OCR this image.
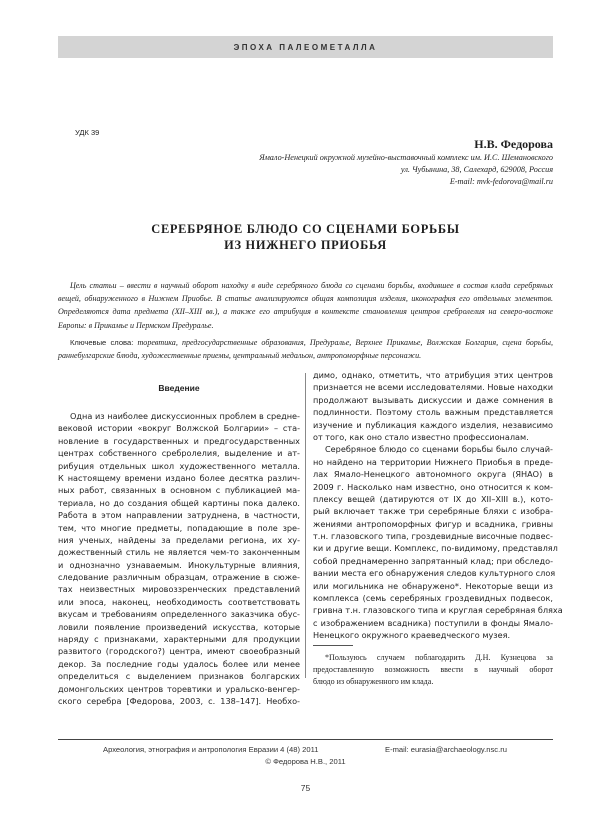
ЭПОХА ПАЛЕОМЕТАЛЛА
УДК 39
Н.В. Федорова
Ямало-Ненецкий окружной музейно-выставочный комплекс им. И.С. Шемановского
ул. Чубынина, 38, Салехард, 629008, Россия
E-mail: mvk-fedorova@mail.ru
СЕРЕБРЯНОЕ БЛЮДО СО СЦЕНАМИ БОРЬБЫ
ИЗ НИЖНЕГО ПРИОБЬЯ

Цель статьи – ввести в научный оборот находку в виде серебряного блюда со сценами борьбы, входившее в состав клада серебряных вещей, обнаруженного в Нижнем Приобье. В статье анализируются общая композиция изделия, иконография его отдельных элементов. Определяются дата предмета (XII–XIII вв.), а также его атрибуция в контексте становления центров сребролелия на северо-востоке Европы: в Прикамье и Пермском Предуралье.

Ключевые слова: торевтика, предгосударственные образования, Предуралье, Верхнее Прикамье, Волжская Болгария, сцена борьбы, раннебулгарские блюда, художественные приемы, центральный медальон, антропоморфные персонажи.
Введение
Одна из наиболее дискуссионных проблем в средне-
вековой истории «вокруг Волжской Болгарии» – ста-
новление в государственных и предгосударственных
центрах собственного сребролелия, выделение и ат-
рибуция отдельных школ художественного металла.
К настоящему времени издано более десятка различ-
ных работ, связанных в основном с публикацией ма-
териала, но до создания общей картины пока далеко.
Работа в этом направлении затруднена, в частности,
тем, что многие предметы, попадающие в поле зре-
ния ученых, найдены за пределами региона, их ху-
дожественный стиль не является чем-то законченным
и однозначно узнаваемым. Инокультурные влияния,
следование различным образцам, отражение в сюже-
тах неизвестных мировоззренческих представлений
или эпоса, наконец, необходимость соответствовать
вкусам и требованиям определенного заказчика обус-
ловили появление произведений искусства, которые
наряду с признаками, характерными для продукции
развитого (городского?) центра, имеют своеобразный
декор. За последние годы удалось более или менее
определиться с выделением признаков болгарских
домонгольских центров торевтики и уральско-венгер-
ского серебра [Федорова, 2003, с. 138–147]. Необхо-
димо, однако, отметить, что атрибуция этих центров
признается не всеми исследователями. Новые находки
продолжают вызывать дискуссии и даже сомнения в
подлинности. Поэтому столь важным представляется
изучение и публикация каждого изделия, независимо
от того, как оно стало известно профессионалам.
Серебряное блюдо со сценами борьбы было случай-
но найдено на территории Нижнего Приобья в преде-
лах Ямало-Ненецкого автономного округа (ЯНАО) в
2009 г. Насколько нам известно, оно относится к ком-
плексу вещей (датируются от IX до XII–XIII в.), кото-
рый включает также три серебряные бляхи с изобра-
жениями антропоморфных фигур и всадника, гривны
т.н. глазовского типа, гроздевидные височные подвес-
ки и другие вещи. Комплекс, по-видимому, представлял
собой преднамеренно запрятанный клад; при обследо-
вании места его обнаружения следов культурного слоя
или могильника не обнаружено*. Некоторые вещи из
комплекса (семь серебряных гроздевидных подвесок,
гривна т.н. глазовского типа и круглая серебряная бляха
с изображением всадника) поступили в фонды Ямало-
Ненецкого окружного краеведческого музея.
*Пользуюсь случаем поблагодарить Д.Н. Кузнецова за
предоставленную возможность ввести в научный оборот
блюдо из обнаруженного им клада.
Археология, этнография и антропология Евразии 4 (48) 2011	E-mail: eurasia@archaeology.nsc.ru
© Федорова Н.В., 2011
75
